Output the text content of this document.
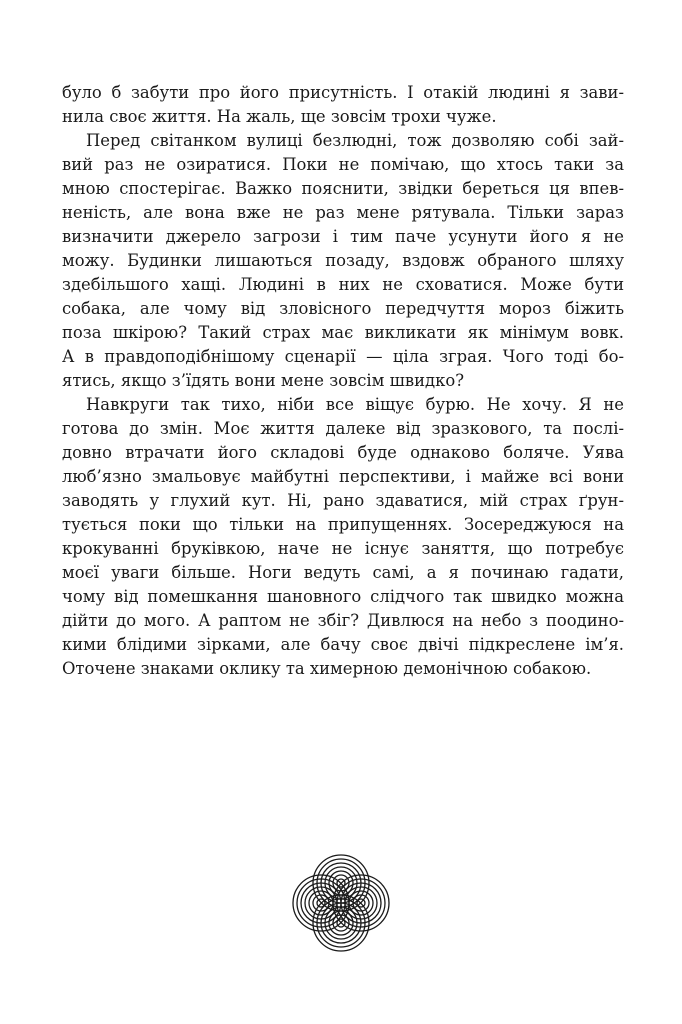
було б забути про його присутність. І отакій людині я зави-
нила своє життя. На жаль, ще зовсім трохи чуже.
Перед світанком вулиці безлюдні, тож дозволяю собі зай-
вий раз не озиратися. Поки не помічаю, що хтось таки за
мною спостерігає. Важко пояснити, звідки береться ця впев-
неність, але вона вже не раз мене рятувала. Тільки зараз
визначити джерело загрози і тим паче усунути його я не
можу. Будинки лишаються позаду, вздовж обраного шляху
здебільшого хащі. Людині в них не сховатися. Може бути
собака, але чому від зловісного передчуття мороз біжить
поза шкірою? Такий страх має викликати як мінімум вовк.
А в правдоподібнішому сценарії — ціла зграя. Чого тоді бо-
ятись, якщо з’їдять вони мене зовсім швидко?
Навкруги так тихо, ніби все віщує бурю. Не хочу. Я не
готова до змін. Моє життя далеке від зразкового, та послі-
довно втрачати його складові буде однаково боляче. Уява
люб’язно змальовує майбутні перспективи, і майже всі вони
заводять у глухий кут. Ні, рано здаватися, мій страх ґрун-
тується поки що тільки на припущеннях. Зосереджуюся на
крокуванні бруківкою, наче не існує заняття, що потребує
моєї уваги більше. Ноги ведуть самі, а я починаю гадати,
чому від помешкання шановного слідчого так швидко можна
дійти до мого. А раптом не збіг? Дивлюся на небо з поодино-
кими блідими зірками, але бачу своє двічі підкреслене ім’я.
Оточене знаками оклику та химерною демонічною собакою.
